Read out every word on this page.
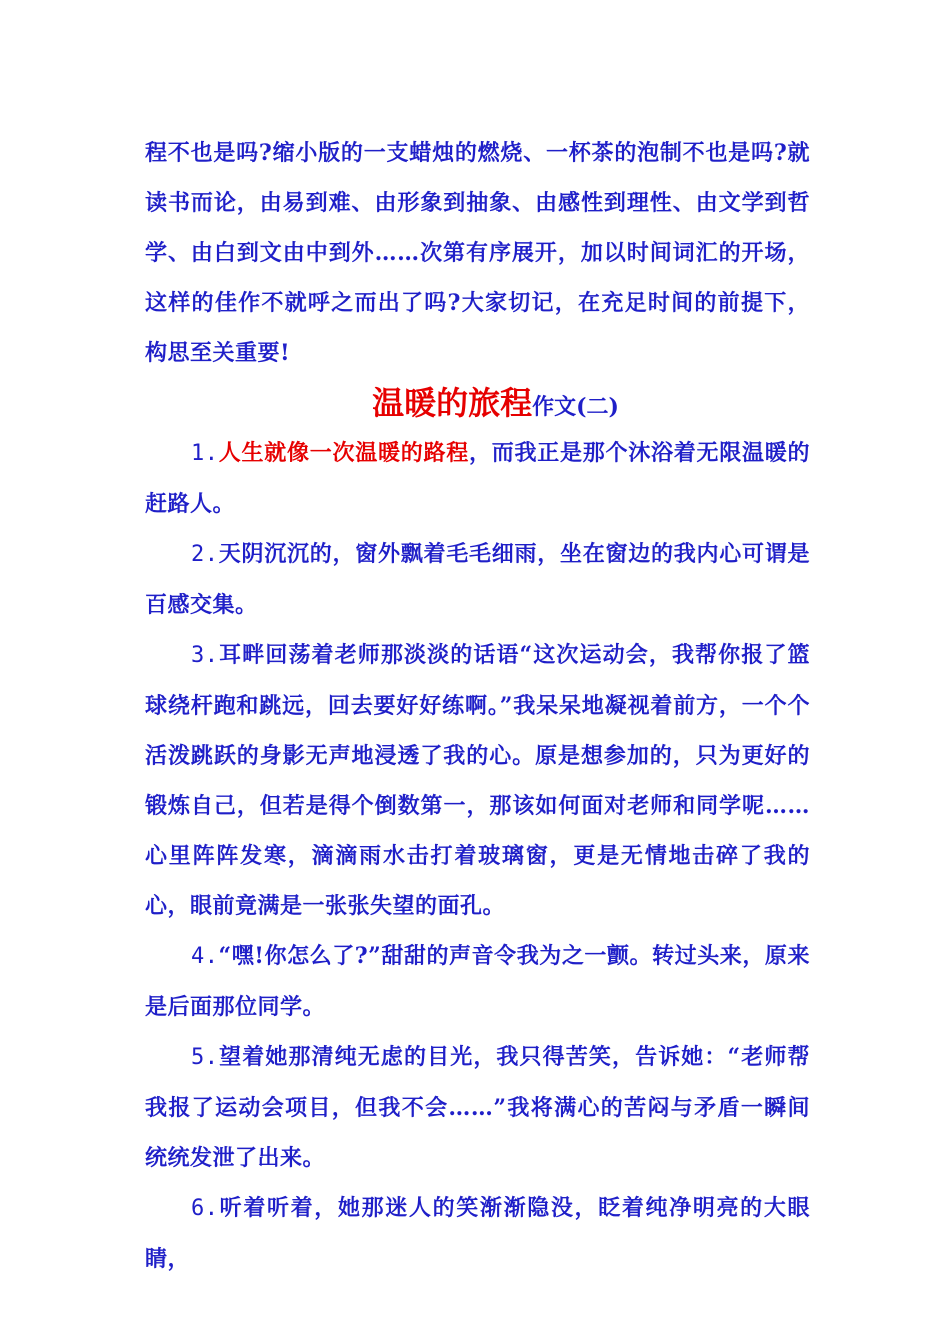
程不也是吗?缩小版的一支蜡烛的燃烧、一杯茶的泡制不也是吗?就读书而论，由易到难、由形象到抽象、由感性到理性、由文学到哲学、由白到文由中到外……次第有序展开，加以时间词汇的开场，这样的佳作不就呼之而出了吗?大家切记，在充足时间的前提下，构思至关重要!

温暖的旅程作文(二)

1.人生就像一次温暖的路程，而我正是那个沐浴着无限温暖的赶路人。

2.天阴沉沉的，窗外飘着毛毛细雨，坐在窗边的我内心可谓是百感交集。

3.耳畔回荡着老师那淡淡的话语“这次运动会，我帮你报了篮球绕杆跑和跳远，回去要好好练啊。”我呆呆地凝视着前方，一个个活泼跳跃的身影无声地浸透了我的心。原是想参加的，只为更好的锻炼自己，但若是得个倒数第一，那该如何面对老师和同学呢……心里阵阵发寒，滴滴雨水击打着玻璃窗，更是无情地击碎了我的心，眼前竟满是一张张失望的面孔。

4.“嘿!你怎么了?”甜甜的声音令我为之一颤。转过头来，原来是后面那位同学。

5.望着她那清纯无虑的目光，我只得苦笑，告诉她：“老师帮我报了运动会项目，但我不会……”我将满心的苦闷与矛盾一瞬间统统发泄了出来。

6.听着听着，她那迷人的笑渐渐隐没，眨着纯净明亮的大眼睛，
